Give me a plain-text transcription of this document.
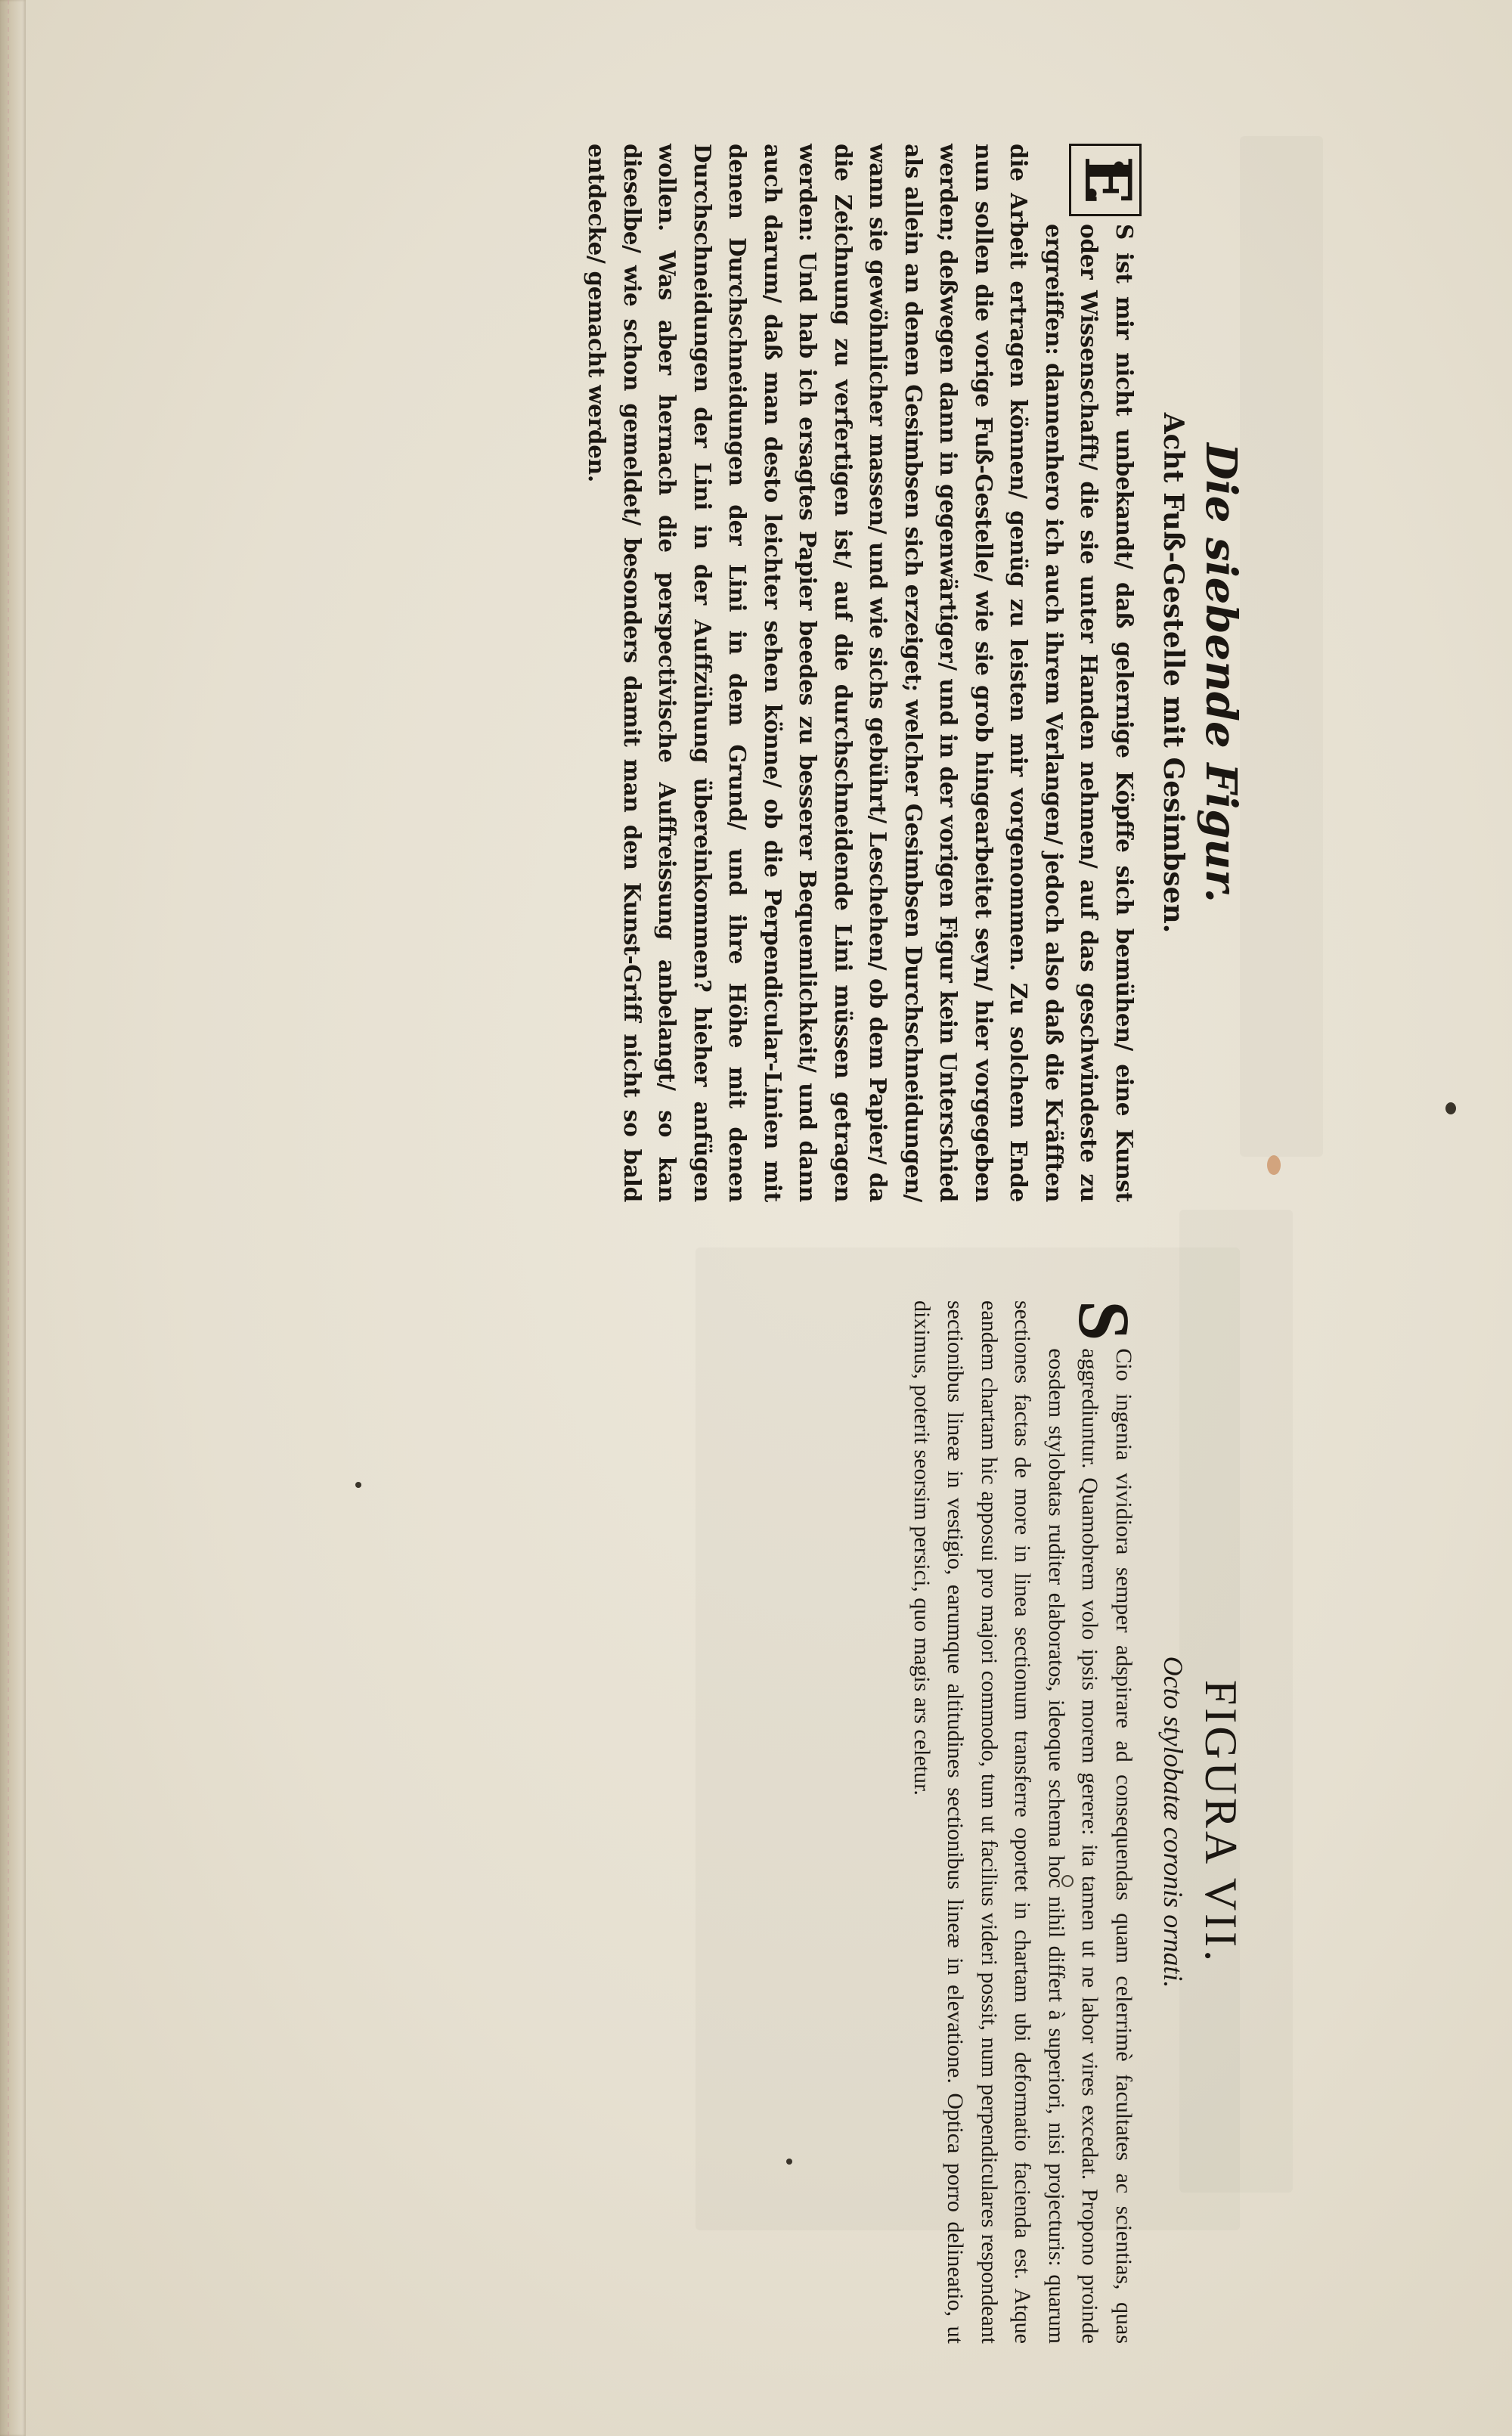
Die siebende Figur.
Acht Fuß-Gestelle mit Gesimbsen.

E
S ist mir nicht unbekandt/ daß gelernige Köpffe sich bemühen/ eine Kunst oder Wissenschafft/ die sie unter Handen nehmen/ auf das geschwindeste zu ergreiffen: dannenhero ich auch ihrem Verlangen/ jedoch also daß die Kräfften die Arbeit ertragen können/ genüg zu leisten mir vorgenommen. Zu solchem Ende nun sollen die vorige Fuß-Gestelle/ wie sie grob hingearbeitet seyn/ hier vorgegeben werden; deßwegen dann in gegenwärtiger/ und in der vorigen Figur kein Unterschied als allein an denen Gesimbsen sich erzeiget; welcher Gesimbsen Durchschneidungen/ wann sie gewöhnlicher massen/ und wie sichs gebührt/ Leschehen/ ob dem Papier/ da die Zeichnung zu verfertigen ist/ auf die durchschneidende Lini müssen getragen werden: Und hab ich ersagtes Papier beedes zu besserer Bequemlichkeit/ und dann auch darum/ daß man desto leichter sehen könne/ ob die Perpendicular-Linien mit denen Durchschneidungen der Lini in dem Grund/ und ihre Höhe mit denen Durchschneidungen der Lini in der Auffzühung übereinkommen? hieher anfügen wollen. Was aber hernach die perspectivische Auffreissung anbelangt/ so kan dieselbe/ wie schon gemeldet/ besonders damit man den Kunst-Griff nicht so bald entdecke/ gemacht werden.

FIGURA VII.
Octo stylobatæ coronis ornati.

S
Cio ingenia vividiora semper adspirare ad consequendas quam celerrimè facultates ac scientias, quas aggrediuntur. Quamobrem volo ipsis morem gerere: ita tamen ut ne labor vires excedat. Propono proinde eosdem stylobatas ruditer elaboratos, ideoque schema hoc nihil differt à superiori, nisi projecturis: quarum sectiones factas de more in linea sectionum transferre oportet in chartam ubi deformatio facienda est. Atque eandem chartam hic apposui pro majori commodo, tum ut facilius videri possit, num perpendiculares respondeant sectionibus lineæ in vestigio, earumque altitudines sectionibus lineæ in elevatione. Optica porro delineatio, ut diximus, poterit seorsim persici, quo magis ars celetur.
